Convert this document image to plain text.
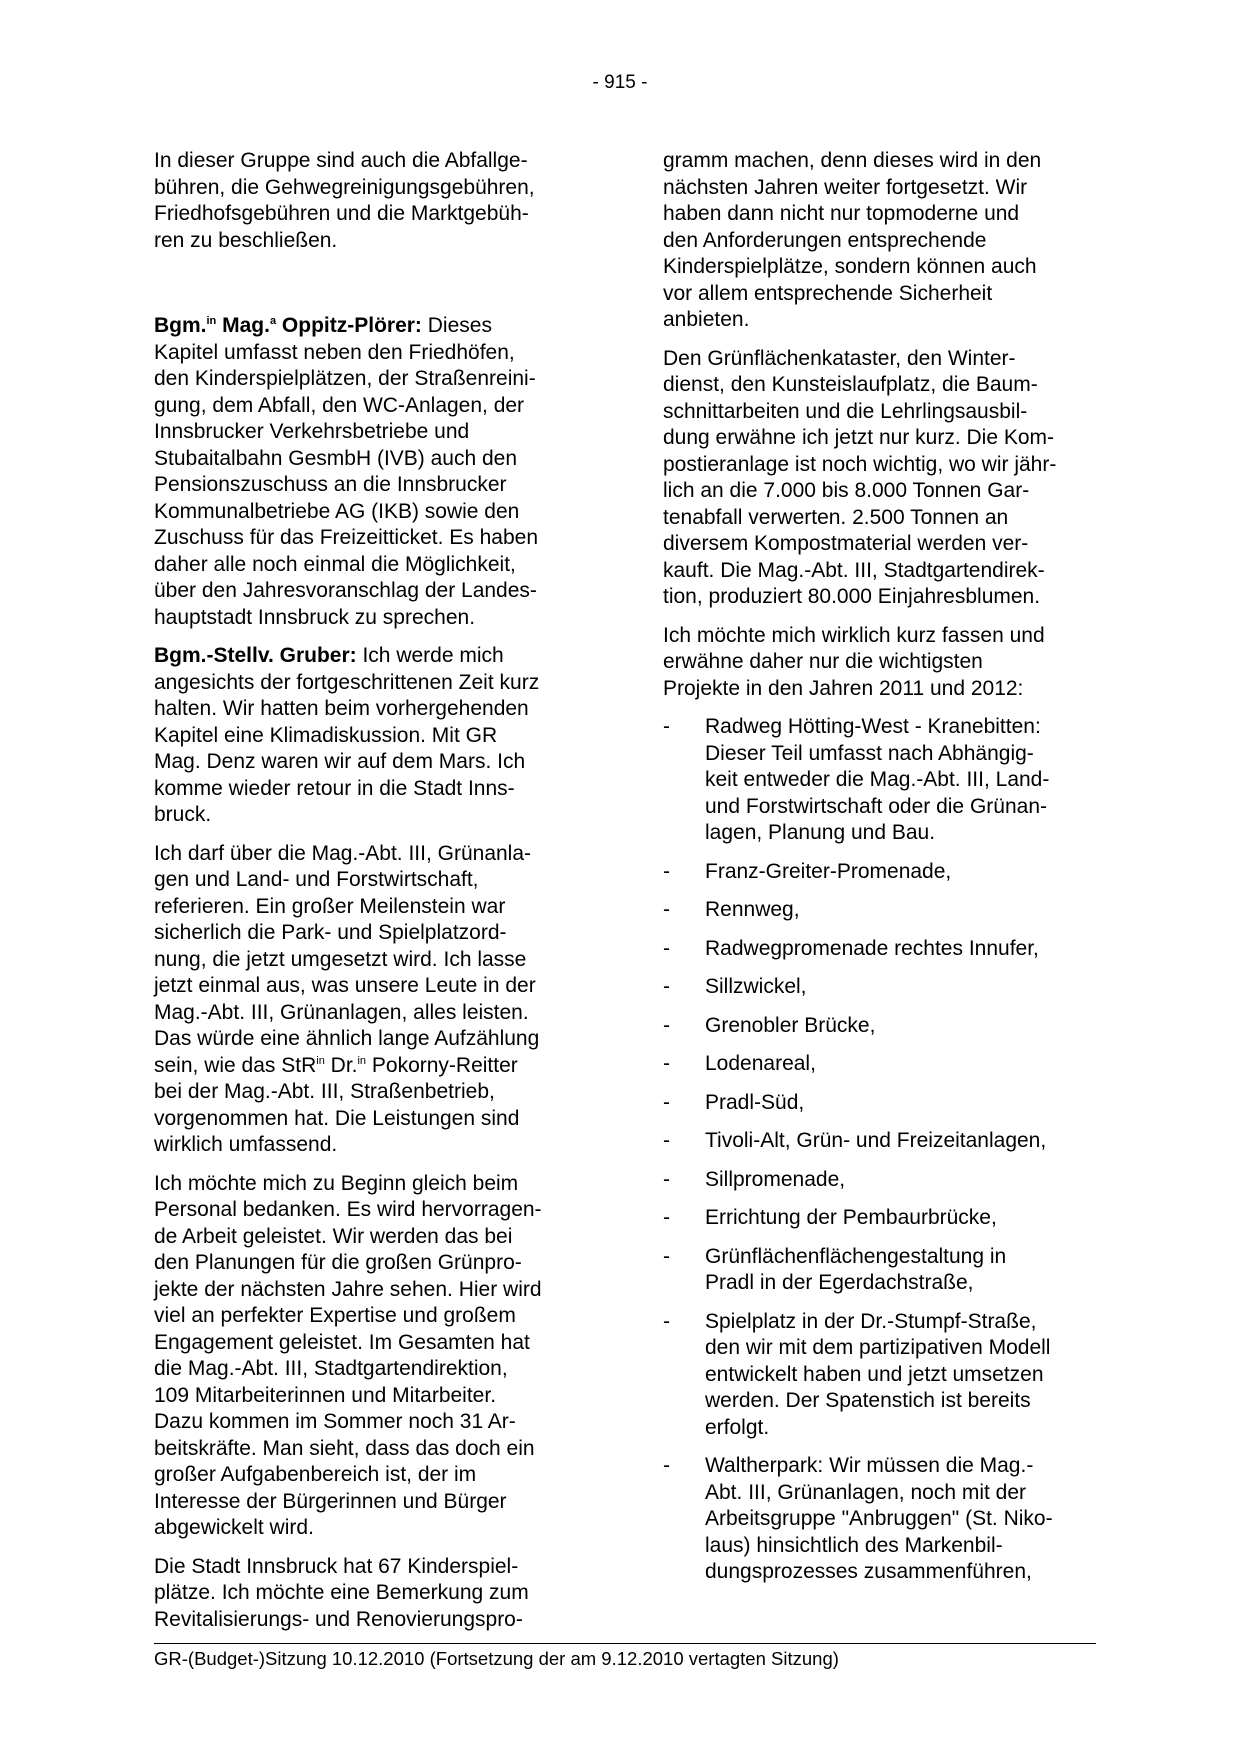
- 915 -

In dieser Gruppe sind auch die Abfallge-
bühren, die Gehwegreinigungsgebühren,
Friedhofsgebühren und die Marktgebüh-
ren zu beschließen.

Bgm.$^{in}$ Mag.$^a$ Oppitz-Plörer: Dieses
Kapitel umfasst neben den Friedhöfen,
den Kinderspielplätzen, der Straßenreini-
gung, dem Abfall, den WC-Anlagen, der
Innsbrucker Verkehrsbetriebe und
Stubaitalbahn GesmbH (IVB) auch den
Pensionszuschuss an die Innsbrucker
Kommunalbetriebe AG (IKB) sowie den
Zuschuss für das Freizeitticket. Es haben
daher alle noch einmal die Möglichkeit,
über den Jahresvoranschlag der Landes-
hauptstadt Innsbruck zu sprechen.

Bgm.-Stellv. Gruber: Ich werde mich
angesichts der fortgeschrittenen Zeit kurz
halten. Wir hatten beim vorhergehenden
Kapitel eine Klimadiskussion. Mit GR
Mag. Denz waren wir auf dem Mars. Ich
komme wieder retour in die Stadt Inns-
bruck.

Ich darf über die Mag.-Abt. III, Grünanla-
gen und Land- und Forstwirtschaft,
referieren. Ein großer Meilenstein war
sicherlich die Park- und Spielplatzord-
nung, die jetzt umgesetzt wird. Ich lasse
jetzt einmal aus, was unsere Leute in der
Mag.-Abt. III, Grünanlagen, alles leisten.
Das würde eine ähnlich lange Aufzählung
sein, wie das StR$^{in}$ Dr.$^{in}$ Pokorny-Reitter
bei der Mag.-Abt. III, Straßenbetrieb,
vorgenommen hat. Die Leistungen sind
wirklich umfassend.

Ich möchte mich zu Beginn gleich beim
Personal bedanken. Es wird hervorragen-
de Arbeit geleistet. Wir werden das bei
den Planungen für die großen Grünpro-
jekte der nächsten Jahre sehen. Hier wird
viel an perfekter Expertise und großem
Engagement geleistet. Im Gesamten hat
die Mag.-Abt. III, Stadtgartendirektion,
109 Mitarbeiterinnen und Mitarbeiter.
Dazu kommen im Sommer noch 31 Ar-
beitskräfte. Man sieht, dass das doch ein
großer Aufgabenbereich ist, der im
Interesse der Bürgerinnen und Bürger
abgewickelt wird.

Die Stadt Innsbruck hat 67 Kinderspiel-
plätze. Ich möchte eine Bemerkung zum
Revitalisierungs- und Renovierungspro-

gramm machen, denn dieses wird in den
nächsten Jahren weiter fortgesetzt. Wir
haben dann nicht nur topmoderne und
den Anforderungen entsprechende
Kinderspielplätze, sondern können auch
vor allem entsprechende Sicherheit
anbieten.

Den Grünflächenkataster, den Winter-
dienst, den Kunsteislaufplatz, die Baum-
schnittarbeiten und die Lehrlingsausbil-
dung erwähne ich jetzt nur kurz. Die Kom-
postieranlage ist noch wichtig, wo wir jähr-
lich an die 7.000 bis 8.000 Tonnen Gar-
tenabfall verwerten. 2.500 Tonnen an
diversem Kompostmaterial werden ver-
kauft. Die Mag.-Abt. III, Stadtgartendirek-
tion, produziert 80.000 Einjahresblumen.

Ich möchte mich wirklich kurz fassen und
erwähne daher nur die wichtigsten
Projekte in den Jahren 2011 und 2012:

- Radweg Hötting-West - Kranebitten:
Dieser Teil umfasst nach Abhängig-
keit entweder die Mag.-Abt. III, Land-
und Forstwirtschaft oder die Grünan-
lagen, Planung und Bau.
- Franz-Greiter-Promenade,
- Rennweg,
- Radwegpromenade rechtes Innufer,
- Sillzwickel,
- Grenobler Brücke,
- Lodenareal,
- Pradl-Süd,
- Tivoli-Alt, Grün- und Freizeitanlagen,
- Sillpromenade,
- Errichtung der Pembaurbrücke,
- Grünflächenflächengestaltung in
Pradl in der Egerdachstraße,
- Spielplatz in der Dr.-Stumpf-Straße,
den wir mit dem partizipativen Modell
entwickelt haben und jetzt umsetzen
werden. Der Spatenstich ist bereits
erfolgt.
- Waltherpark: Wir müssen die Mag.-
Abt. III, Grünanlagen, noch mit der
Arbeitsgruppe "Anbruggen" (St. Niko-
laus) hinsichtlich des Markenbil-
dungsprozesses zusammenführen,
GR-(Budget-)Sitzung 10.12.2010 (Fortsetzung der am 9.12.2010 vertagten Sitzung)
